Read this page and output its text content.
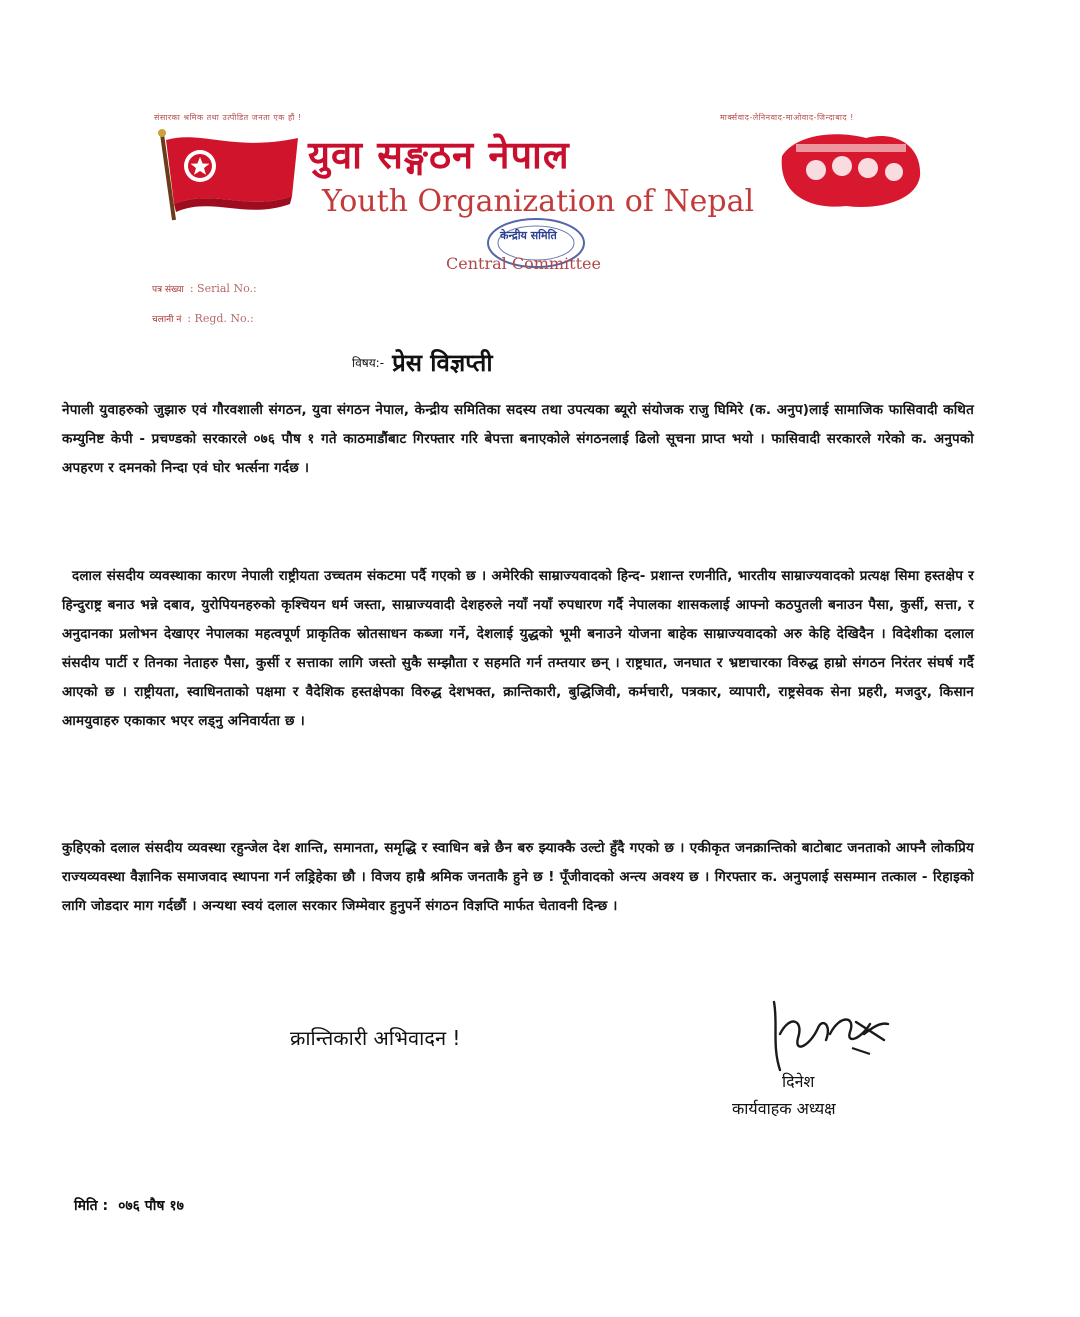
संसारका श्रमिक तथा उत्पीडित जनता एक हौं !	मार्क्सवाद-लेनिनवाद-माओवाद-जिन्दाबाद !
युवा सङ्गठन नेपाल
Youth Organization of Nepal
केन्द्रीय समिति
Central Committee
पत्र संख्या : Serial No.:
चलानी नं : Regd. No.:
विषय:- प्रेस विज्ञप्ती

नेपाली युवाहरुको जुझारु एवं गौरवशाली संगठन, युवा संगठन नेपाल, केन्द्रीय समितिका सदस्य तथा उपत्यका ब्यूरो संयोजक राजु घिमिरे (क. अनुप)लाई सामाजिक फासिवादी कथित कम्युनिष्ट केपी - प्रचण्डको सरकारले ०७६ पौष १ गते काठमाडौंबाट गिरफ्तार गरि बेपत्ता बनाएकोले संगठनलाई ढिलो सूचना प्राप्त भयो । फासिवादी सरकारले गरेको क. अनुपको अपहरण र दमनको निन्दा एवं घोर भर्त्सना गर्दछ ।

दलाल संसदीय व्यवस्थाका कारण नेपाली राष्ट्रीयता उच्चतम संकटमा पर्दै गएको छ । अमेरिकी साम्राज्यवादको हिन्द- प्रशान्त रणनीति, भारतीय साम्राज्यवादको प्रत्यक्ष सिमा हस्तक्षेप र हिन्दुराष्ट्र बनाउ भन्ने दबाव, युरोपियनहरुको कृश्चियन धर्म जस्ता, साम्राज्यवादी देशहरुले नयाँ नयाँ रुपधारण गर्दै नेपालका शासकलाई आफ्नो कठपुतली बनाउन पैसा, कुर्सी, सत्ता, र अनुदानका प्रलोभन देखाएर नेपालका महत्वपूर्ण प्राकृतिक स्रोतसाधन कब्जा गर्ने, देशलाई युद्धको भूमी बनाउने योजना बाहेक साम्राज्यवादको अरु केहि देखिदैन । विदेशीका दलाल संसदीय पार्टी र तिनका नेताहरु पैसा, कुर्सी र सत्ताका लागि जस्तो सुकै सम्झौता र सहमति गर्न तम्तयार छन् । राष्ट्रघात, जनघात र भ्रष्टाचारका विरुद्ध हाम्रो संगठन निरंतर संघर्ष गर्दै आएको छ । राष्ट्रीयता, स्वाधिनताको पक्षमा र वैदेशिक हस्तक्षेपका विरुद्ध देशभक्त, क्रान्तिकारी, बुद्धिजिवी, कर्मचारी, पत्रकार, व्यापारी, राष्ट्रसेवक सेना प्रहरी, मजदुर, किसान आमयुवाहरु एकाकार भएर लड्नु अनिवार्यता छ ।

कुहिएको दलाल संसदीय व्यवस्था रहुन्जेल देश शान्ति, समानता, समृद्धि र स्वाधिन बन्ने छैन बरु झ्याक्कै उल्टो हुँदै गएको छ । एकीकृत जनक्रान्तिको बाटोबाट जनताको आफ्नै लोकप्रिय राज्यव्यवस्था वैज्ञानिक समाजवाद स्थापना गर्न लड्रिहेका छौ । विजय हाम्रै श्रमिक जनताकै हुने छ ! पूँजीवादको अन्त्य अवश्य छ । गिरफ्तार क. अनुपलाई ससम्मान तत्काल - रिहाइको लागि जोडदार माग गर्दछौं । अन्यथा स्वयं दलाल सरकार जिम्मेवार हुनुपर्ने संगठन विज्ञप्ति मार्फत चेतावनी दिन्छ ।

क्रान्तिकारी अभिवादन !
दिनेश
कार्यवाहक अध्यक्ष
मिति : ०७६ पौष १७
